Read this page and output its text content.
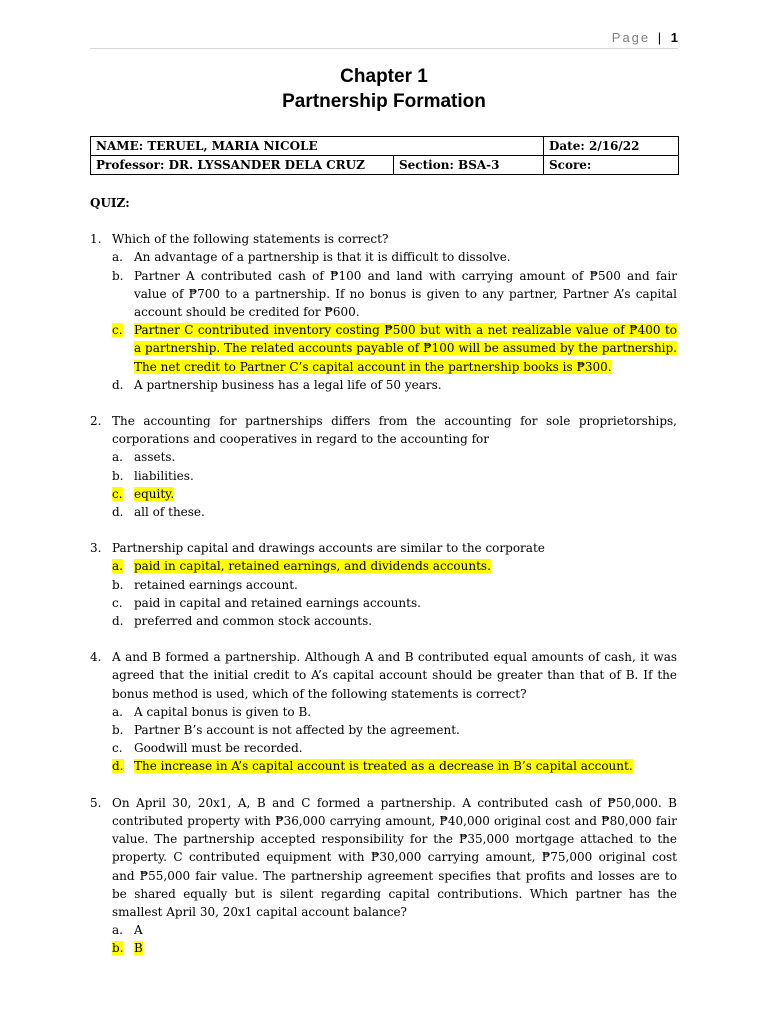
Page | 1
Chapter 1
Partnership Formation
NAME: TERUEL, MARIA NICOLE		Date: 2/16/22
Professor: DR. LYSSANDER DELA CRUZ	Section: BSA-3	Score:
QUIZ:
1. Which of the following statements is correct?
a. An advantage of a partnership is that it is difficult to dissolve.
b. Partner A contributed cash of ₱100 and land with carrying amount of ₱500 and fair value of ₱700 to a partnership. If no bonus is given to any partner, Partner A’s capital account should be credited for ₱600.
c. Partner C contributed inventory costing ₱500 but with a net realizable value of ₱400 to a partnership. The related accounts payable of ₱100 will be assumed by the partnership. The net credit to Partner C’s capital account in the partnership books is ₱300.
d. A partnership business has a legal life of 50 years.
2. The accounting for partnerships differs from the accounting for sole proprietorships, corporations and cooperatives in regard to the accounting for
a. assets.
b. liabilities.
c. equity.
d. all of these.
3. Partnership capital and drawings accounts are similar to the corporate
a. paid in capital, retained earnings, and dividends accounts.
b. retained earnings account.
c. paid in capital and retained earnings accounts.
d. preferred and common stock accounts.
4. A and B formed a partnership. Although A and B contributed equal amounts of cash, it was agreed that the initial credit to A’s capital account should be greater than that of B. If the bonus method is used, which of the following statements is correct?
a. A capital bonus is given to B.
b. Partner B’s account is not affected by the agreement.
c. Goodwill must be recorded.
d. The increase in A’s capital account is treated as a decrease in B’s capital account.
5. On April 30, 20x1, A, B and C formed a partnership. A contributed cash of ₱50,000. B contributed property with ₱36,000 carrying amount, ₱40,000 original cost and ₱80,000 fair value. The partnership accepted responsibility for the ₱35,000 mortgage attached to the property. C contributed equipment with ₱30,000 carrying amount, ₱75,000 original cost and ₱55,000 fair value. The partnership agreement specifies that profits and losses are to be shared equally but is silent regarding capital contributions. Which partner has the smallest April 30, 20x1 capital account balance?
a. A
b. B
